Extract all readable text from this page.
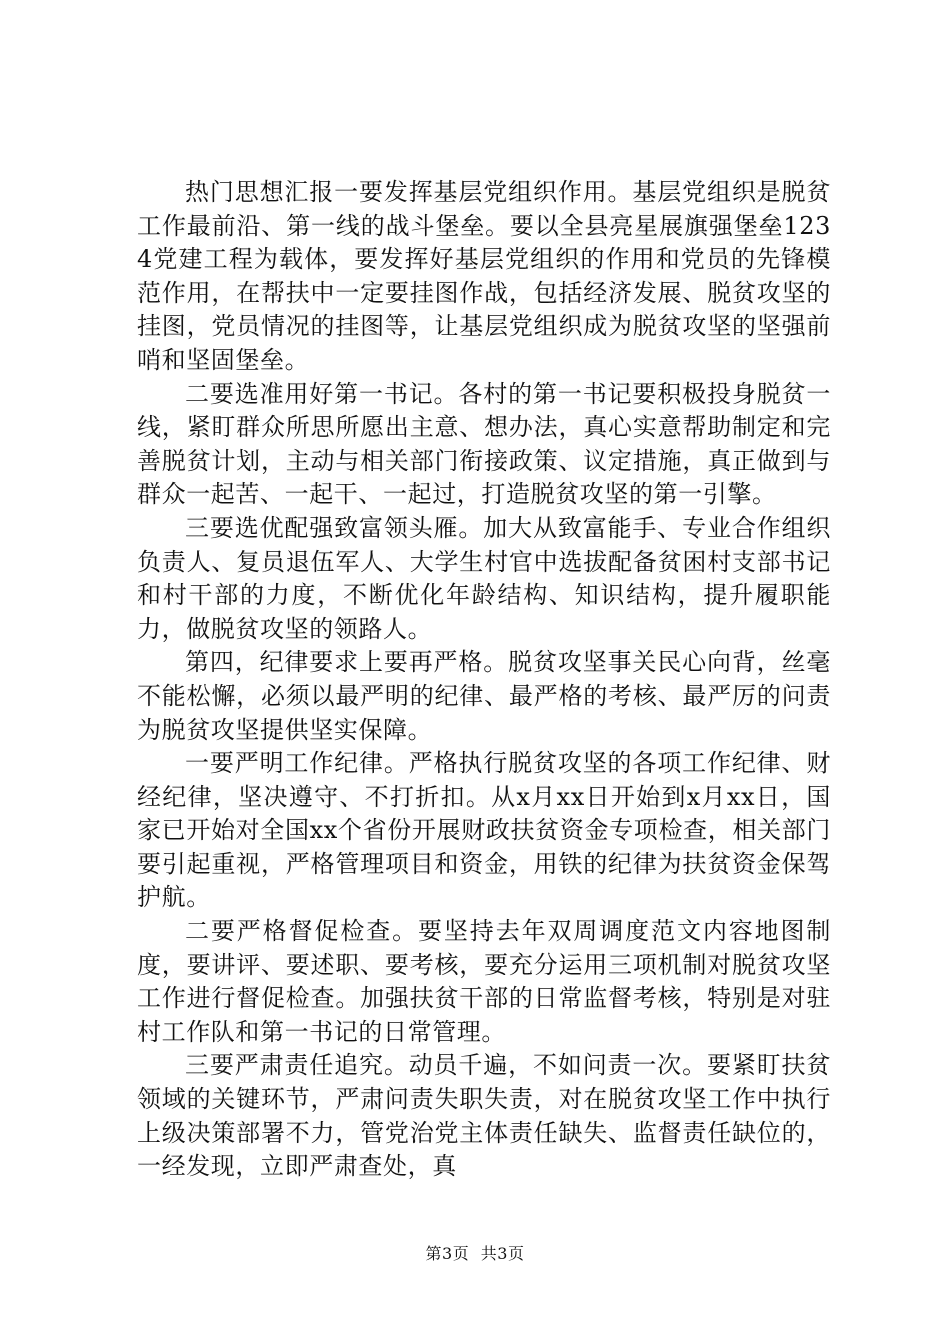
热门思想汇报一要发挥基层党组织作用。基层党组织是脱贫工作最前沿、第一线的战斗堡垒。要以全县亮星展旗强堡垒1234党建工程为载体，要发挥好基层党组织的作用和党员的先锋模范作用，在帮扶中一定要挂图作战，包括经济发展、脱贫攻坚的挂图，党员情况的挂图等，让基层党组织成为脱贫攻坚的坚强前哨和坚固堡垒。

二要选准用好第一书记。各村的第一书记要积极投身脱贫一线，紧盯群众所思所愿出主意、想办法，真心实意帮助制定和完善脱贫计划，主动与相关部门衔接政策、议定措施，真正做到与群众一起苦、一起干、一起过，打造脱贫攻坚的第一引擎。

三要选优配强致富领头雁。加大从致富能手、专业合作组织负责人、复员退伍军人、大学生村官中选拔配备贫困村支部书记和村干部的力度，不断优化年龄结构、知识结构，提升履职能力，做脱贫攻坚的领路人。

第四，纪律要求上要再严格。脱贫攻坚事关民心向背，丝毫不能松懈，必须以最严明的纪律、最严格的考核、最严厉的问责为脱贫攻坚提供坚实保障。

一要严明工作纪律。严格执行脱贫攻坚的各项工作纪律、财经纪律，坚决遵守、不打折扣。从x月xx日开始到x月xx日，国家已开始对全国xx个省份开展财政扶贫资金专项检查，相关部门要引起重视，严格管理项目和资金，用铁的纪律为扶贫资金保驾护航。

二要严格督促检查。要坚持去年双周调度范文内容地图制度，要讲评、要述职、要考核，要充分运用三项机制对脱贫攻坚工作进行督促检查。加强扶贫干部的日常监督考核，特别是对驻村工作队和第一书记的日常管理。

三要严肃责任追究。动员千遍，不如问责一次。要紧盯扶贫领域的关键环节，严肃问责失职失责，对在脱贫攻坚工作中执行上级决策部署不力，管党治党主体责任缺失、监督责任缺位的，一经发现，立即严肃查处，真

第3页 共3页
